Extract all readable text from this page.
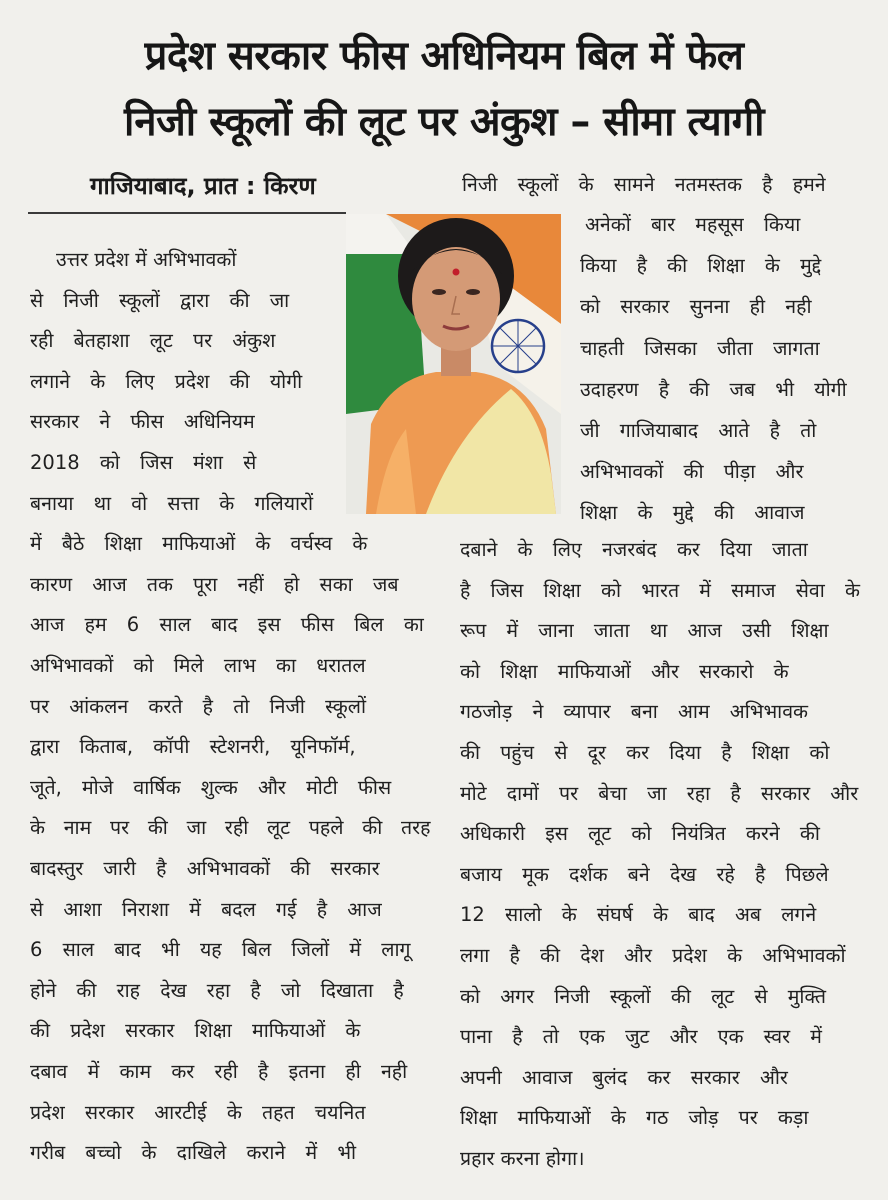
प्रदेश सरकार फीस अधिनियम बिल में फेल
निजी स्कूलों की लूट पर अंकुश – सीमा त्यागी
गाजियाबाद, प्रात : किरण
उत्तर प्रदेश में अभिभावकों
से निजी स्कूलों द्वारा की जा
रही बेतहाशा लूट पर अंकुश
लगाने के लिए प्रदेश की योगी
सरकार ने फीस अधिनियम
2018 को जिस मंशा से
बनाया था वो सत्ता के गलियारों
में बैठे शिक्षा माफियाओं के वर्चस्व के
कारण आज तक पूरा नहीं हो सका जब
आज हम 6 साल बाद इस फीस बिल का
अभिभावकों को मिले लाभ का धरातल
पर आंकलन करते है तो निजी स्कूलों
द्वारा किताब, कॉपी स्टेशनरी, यूनिफॉर्म,
जूते, मोजे वार्षिक शुल्क और मोटी फीस
के नाम पर की जा रही लूट पहले की तरह
बादस्तुर जारी है अभिभावकों की सरकार
से आशा निराशा में बदल गई है आज
6 साल बाद भी यह बिल जिलों में लागू
होने की राह देख रहा है जो दिखाता है
की प्रदेश सरकार शिक्षा माफियाओं के
दबाव में काम कर रही है इतना ही नही
प्रदेश सरकार आरटीई के तहत चयनित
गरीब बच्चो के दाखिले कराने में भी
निजी स्कूलों के सामने नतमस्तक है हमने
अनेकों बार महसूस किया
किया है की शिक्षा के मुद्दे
को सरकार सुनना ही नही
चाहती जिसका जीता जागता
उदाहरण है की जब भी योगी
जी गाजियाबाद आते है तो
अभिभावकों की पीड़ा और
शिक्षा के मुद्दे की आवाज
दबाने के लिए नजरबंद कर दिया जाता
है जिस शिक्षा को भारत में समाज सेवा के
रूप में जाना जाता था आज उसी शिक्षा
को शिक्षा माफियाओं और सरकारो के
गठजोड़ ने व्यापार बना आम अभिभावक
की पहुंच से दूर कर दिया है शिक्षा को
मोटे दामों पर बेचा जा रहा है सरकार और
अधिकारी इस लूट को नियंत्रित करने की
बजाय मूक दर्शक बने देख रहे है पिछले
12 सालो के संघर्ष के बाद अब लगने
लगा है की देश और प्रदेश के अभिभावकों
को अगर निजी स्कूलों की लूट से मुक्ति
पाना है तो एक जुट और एक स्वर में
अपनी आवाज बुलंद कर सरकार और
शिक्षा माफियाओं के गठ जोड़ पर कड़ा
प्रहार करना होगा।
